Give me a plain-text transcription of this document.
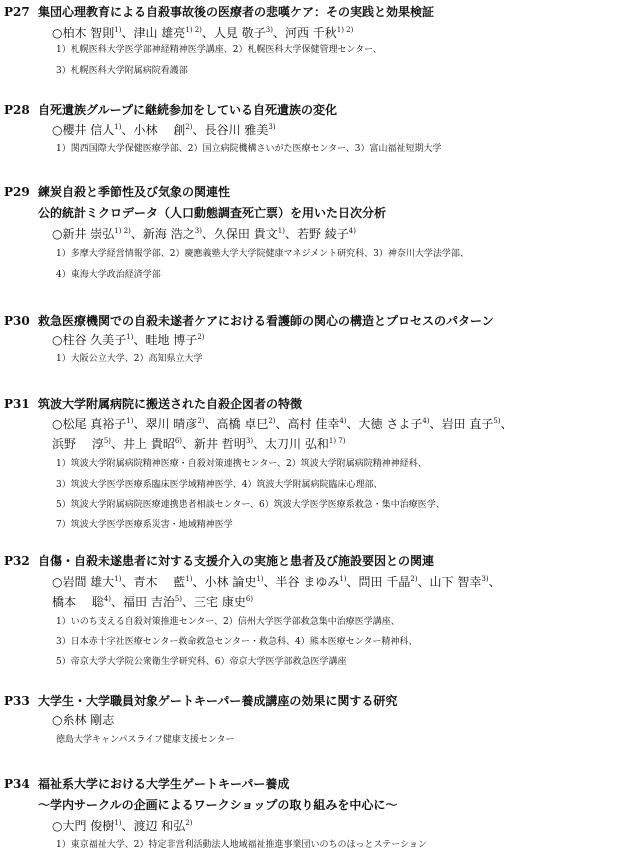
P27 集団心理教育による自殺事故後の医療者の悲嘆ケア：その実践と効果検証
○柏木 智則$^{1)}$、津山 雄亮$^{1) 2)}$、人見 敬子$^{3)}$、河西 千秋$^{1) 2)}$
1）札幌医科大学医学部神経精神医学講座、2）札幌医科大学保健管理センター、
3）札幌医科大学附属病院看護部
P28 自死遺族グループに継続参加をしている自死遺族の変化
○櫻井 信人$^{1)}$、小林　 創$^{2)}$、長谷川 雅美$^{3)}$
1）関西国際大学保健医療学部、2）国立病院機構さいがた医療センター、3）富山福祉短期大学
P29 練炭自殺と季節性及び気象の関連性
公的統計ミクロデータ（人口動態調査死亡票）を用いた日次分析
○新井 崇弘$^{1) 2)}$、新海 浩之$^{3)}$、久保田 貴文$^{1)}$、若野 綾子$^{4)}$
1）多摩大学経営情報学部、2）慶應義塾大学大学院健康マネジメント研究科、3）神奈川大学法学部、
4）東海大学政治経済学部
P30 救急医療機関での自殺未遂者ケアにおける看護師の関心の構造とプロセスのパターン
○柱谷 久美子$^{1)}$、畦地 博子$^{2)}$
1）大阪公立大学、2）高知県立大学
P31 筑波大学附属病院に搬送された自殺企図者の特徴
○松尾 真裕子$^{1)}$、翠川 晴彦$^{2)}$、高橋 卓巳$^{2)}$、高村 佳幸$^{4)}$、大徳 さよ子$^{4)}$、岩田 直子$^{5)}$、
浜野　 淳$^{5)}$、井上 貴昭$^{6)}$、新井 哲明$^{3)}$、太刀川 弘和$^{1) 7)}$
1）筑波大学附属病院精神医療・自殺対策連携センター、2）筑波大学附属病院精神神経科、
3）筑波大学医学医療系臨床医学域精神医学、4）筑波大学附属病院臨床心理部、
5）筑波大学附属病院医療連携患者相談センター、6）筑波大学医学医療系救急・集中治療医学、
7）筑波大学医学医療系災害・地域精神医学
P32 自傷・自殺未遂患者に対する支援介入の実施と患者及び施設要因との関連
○岩間 雄大$^{1)}$、青木　 藍$^{1)}$、小林 論史$^{1)}$、半谷 まゆみ$^{1)}$、問田 千晶$^{2)}$、山下 智幸$^{3)}$、
橋本　 聡$^{4)}$、福田 吉治$^{5)}$、三宅 康史$^{6)}$
1）いのち支える自殺対策推進センター、2）信州大学医学部救急集中治療医学講座、
3）日本赤十字社医療センター救命救急センター・救急科、4）熊本医療センター精神科、
5）帝京大学大学院公衆衛生学研究科、6）帝京大学医学部救急医学講座
P33 大学生・大学職員対象ゲートキーパー養成講座の効果に関する研究
○糸林 剛志
徳島大学キャンパスライフ健康支援センター
P34 福祉系大学における大学生ゲートキーパー養成
〜学内サークルの企画によるワークショップの取り組みを中心に〜
○大門 俊樹$^{1)}$、渡辺 和弘$^{2)}$
1）東京福祉大学、2）特定非営利活動法人地域福祉推進事業団いのちのほっとステーション
